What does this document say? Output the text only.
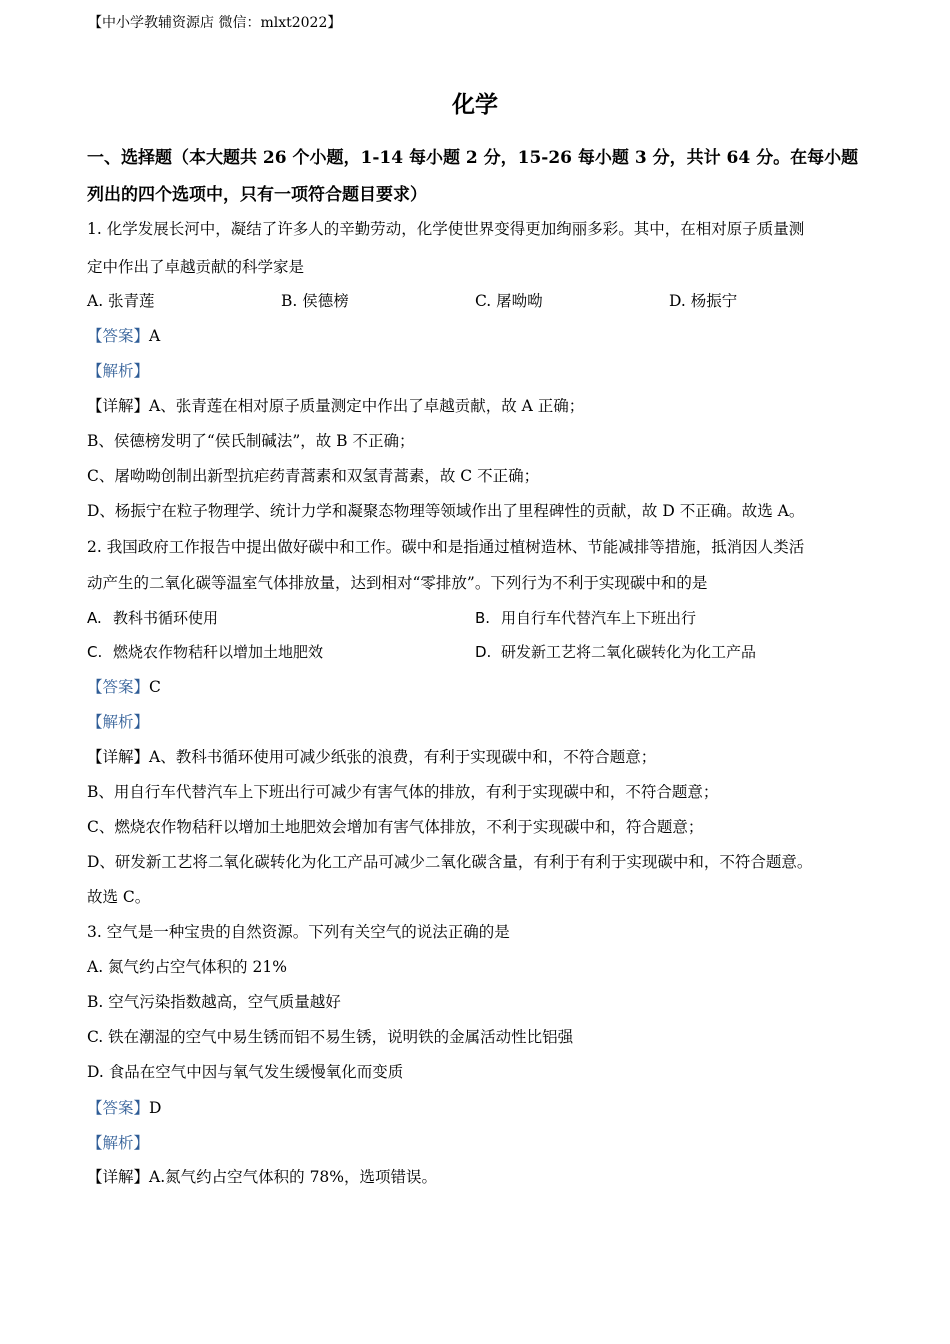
【中小学教辅资源店 微信：mlxt2022】
化学
一、选择题（本大题共 26 个小题，1-14 每小题 2 分，15-26 每小题 3 分，共计 64 分。在每小题列出的四个选项中，只有一项符合题目要求）
1. 化学发展长河中，凝结了许多人的辛勤劳动，化学使世界变得更加绚丽多彩。其中，在相对原子质量测
定中作出了卓越贡献的科学家是
A. 张青莲	B. 侯德榜	C. 屠呦呦	D. 杨振宁
【答案】A
【解析】
【详解】A、张青莲在相对原子质量测定中作出了卓越贡献，故 A 正确；
B、侯德榜发明了“侯氏制碱法”，故 B 不正确；
C、屠呦呦创制出新型抗疟药青蒿素和双氢青蒿素，故 C 不正确；
D、杨振宁在粒子物理学、统计力学和凝聚态物理等领域作出了里程碑性的贡献，故 D 不正确。故选 A。
2. 我国政府工作报告中提出做好碳中和工作。碳中和是指通过植树造林、节能减排等措施，抵消因人类活
动产生的二氧化碳等温室气体排放量，达到相对“零排放”。下列行为不利于实现碳中和的是
A. 教科书循环使用	B. 用自行车代替汽车上下班出行
C. 燃烧农作物秸秆以增加土地肥效	D. 研发新工艺将二氧化碳转化为化工产品
【答案】C
【解析】
【详解】A、教科书循环使用可减少纸张的浪费，有利于实现碳中和，不符合题意；
B、用自行车代替汽车上下班出行可减少有害气体的排放，有利于实现碳中和，不符合题意；
C、燃烧农作物秸秆以增加土地肥效会增加有害气体排放，不利于实现碳中和，符合题意；
D、研发新工艺将二氧化碳转化为化工产品可减少二氧化碳含量，有利于有利于实现碳中和，不符合题意。
故选 C。
3. 空气是一种宝贵的自然资源。下列有关空气的说法正确的是
A. 氮气约占空气体积的 21%
B. 空气污染指数越高，空气质量越好
C. 铁在潮湿的空气中易生锈而铝不易生锈，说明铁的金属活动性比铝强
D. 食品在空气中因与氧气发生缓慢氧化而变质
【答案】D
【解析】
【详解】A.氮气约占空气体积的 78%，选项错误。
